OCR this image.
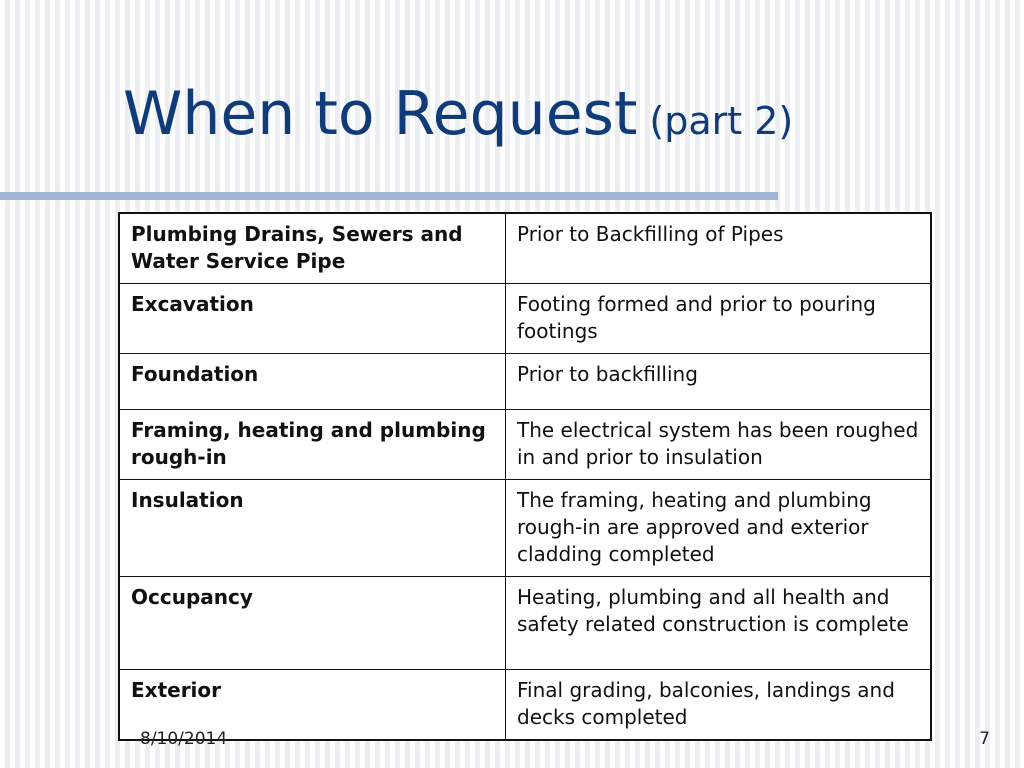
When to Request (part 2)
Plumbing Drains, Sewers and Water Service Pipe	Prior to Backfilling of Pipes
Excavation	Footing formed and prior to pouring footings
Foundation	Prior to backfilling
Framing, heating and plumbing rough-in	The electrical system has been roughed in and prior to insulation
Insulation	The framing, heating and plumbing rough-in are approved and exterior cladding completed
Occupancy	Heating, plumbing and all health and safety related construction is complete
Exterior	Final grading, balconies, landings and decks completed
8/10/2014	7
